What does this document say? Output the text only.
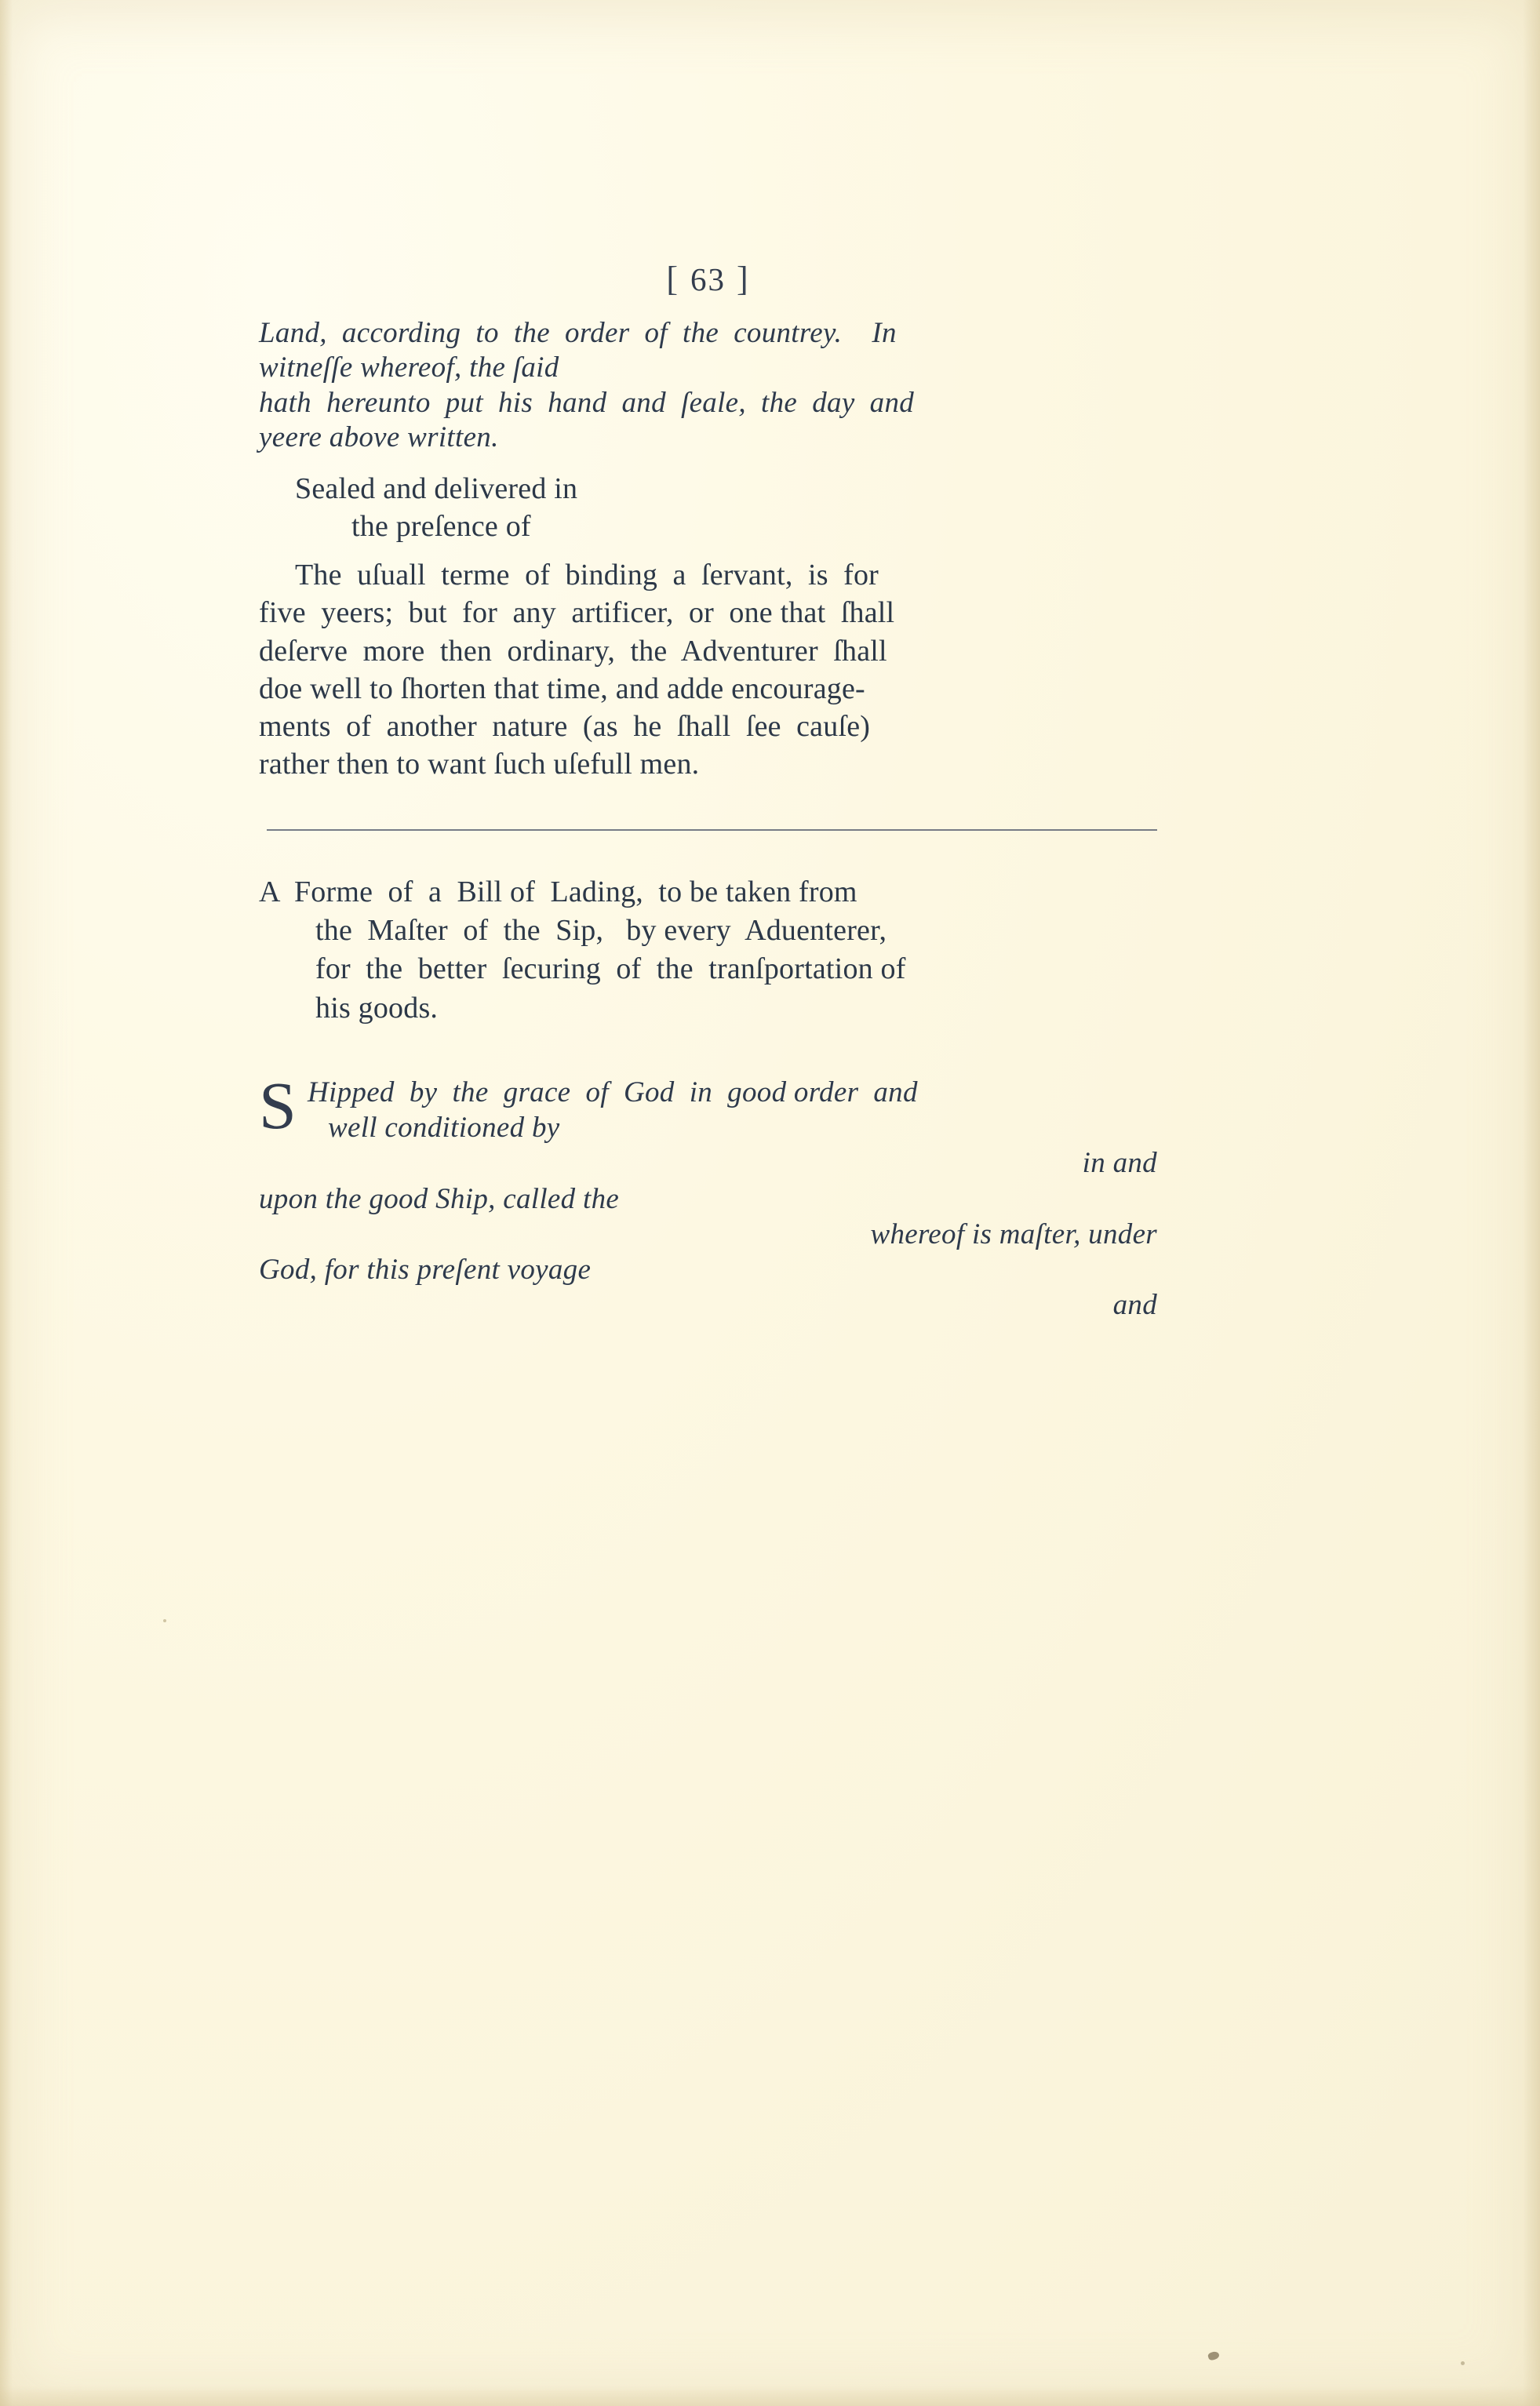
[ 63 ]
Land,  according  to  the  order  of  the  countrey.    In
witneſſe whereof, the ſaid
hath  hereunto  put  his  hand  and  ſeale,  the  day  and
yeere above written.
Sealed and delivered in
the preſence of
The  uſuall  terme  of  binding  a  ſervant,  is  for
five  yeers;  but  for  any  artificer,  or  one that  ſhall
deſerve  more  then  ordinary,  the  Adventurer  ſhall
doe well to ſhorten that time, and adde encourage-
ments  of  another  nature  (as  he  ſhall  ſee  cauſe)
rather then to want ſuch uſefull men.
A  Forme  of  a  Bill of  Lading,  to be taken from
the  Maſter  of  the  Sip,   by every  Aduenterer,
for  the  better  ſecuring  of  the  tranſportation of
his goods.
S Hipped  by  the  grace  of  God  in  good order  and
well conditioned by
in and
upon the good Ship, called the
whereof is maſter, under
God, for this preſent voyage
and
